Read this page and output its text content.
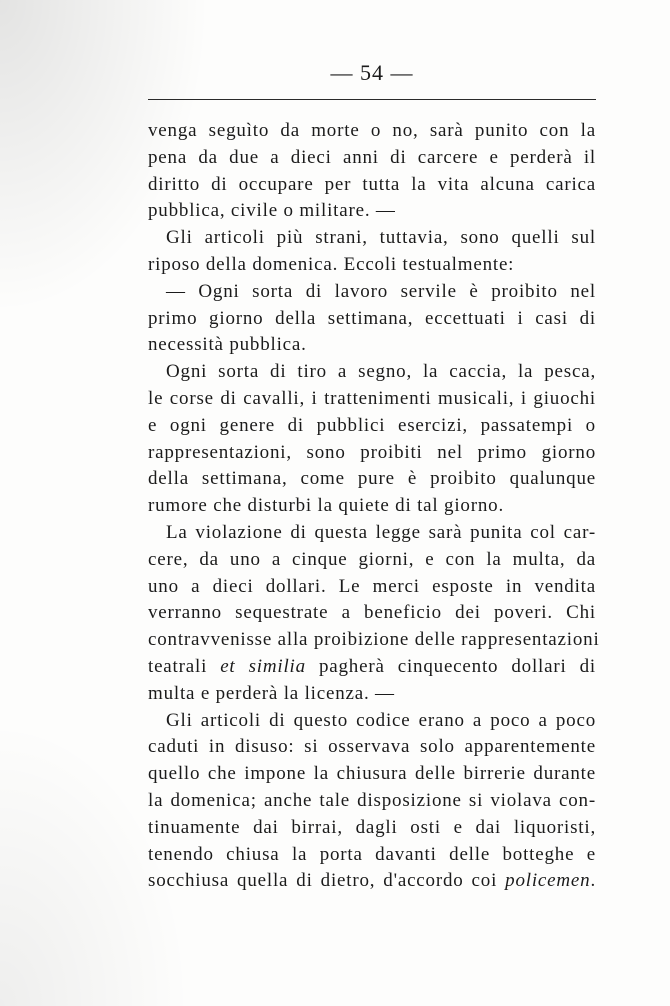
— 54 —
venga seguìto da morte o no, sarà punito con la
pena da due a dieci anni di carcere e perderà il
diritto di occupare per tutta la vita alcuna carica
pubblica, civile o militare. —
Gli articoli più strani, tuttavia, sono quelli sul
riposo della domenica. Eccoli testualmente:
— Ogni sorta di lavoro servile è proibito nel
primo giorno della settimana, eccettuati i casi di
necessità pubblica.
Ogni sorta di tiro a segno, la caccia, la pesca,
le corse di cavalli, i trattenimenti musicali, i giuochi
e ogni genere di pubblici esercizi, passatempi o
rappresentazioni, sono proibiti nel primo giorno
della settimana, come pure è proibito qualunque
rumore che disturbi la quiete di tal giorno.
La violazione di questa legge sarà punita col car-
cere, da uno a cinque giorni, e con la multa, da
uno a dieci dollari. Le merci esposte in vendita
verranno sequestrate a beneficio dei poveri. Chi
contravvenisse alla proibizione delle rappresentazioni
teatrali et similia pagherà cinquecento dollari di
multa e perderà la licenza. —
Gli articoli di questo codice erano a poco a poco
caduti in disuso: si osservava solo apparentemente
quello che impone la chiusura delle birrerie durante
la domenica; anche tale disposizione si violava con-
tinuamente dai birrai, dagli osti e dai liquoristi,
tenendo chiusa la porta davanti delle botteghe e
socchiusa quella di dietro, d'accordo coi policemen.
